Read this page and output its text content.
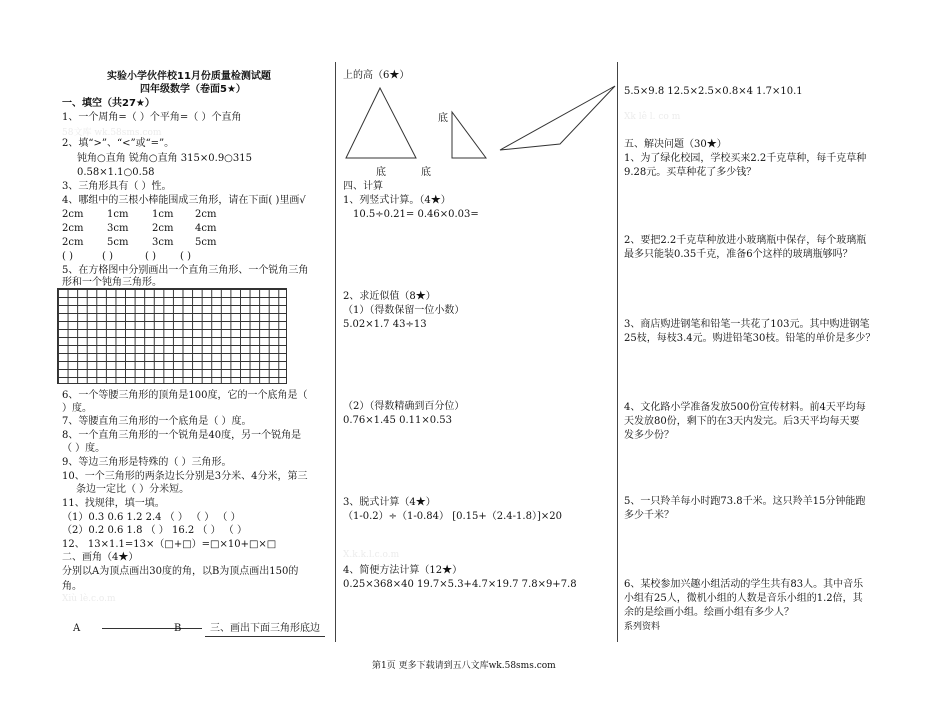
实验小学伙伴校11月份质量检测试题
四年级数学（卷面5★）
一、填空（共27★）
1、一个周角=（ ）个平角=（ ）个直角
58文库 wk.58sms.com
2、填“>”、“<”或“=”。
钝角○直角 锐角○直角 315×0.9○315
0.58×1.1○0.58
3、三角形具有（ ）性。
4、哪组中的三根小棒能围成三角形，请在下面( )里画√
2cm 1cm 1cm 2cm
2cm 3cm 2cm 4cm
2cm 5cm 3cm 5cm
( )	( )	( ) ( )
5、在方格图中分别画出一个直角三角形、一个锐角三角
形和一个钝角三角形。
6、一个等腰三角形的顶角是100度，它的一个底角是（
）度。
7、等腰直角三角形的一个底角是（ ）度。
8、一个直角三角形的一个锐角是40度，另一个锐角是
（ ）度。
9、等边三角形是特殊的（ ）三角形。
10、一个三角形的两条边长分别是3分米、4分米，第三
条边一定比（ ）分米短。
11、找规律，填一填。
（1）0.3 0.6 1.2 2.4 （ ） （ ） （ ）
（2）0.2 0.6 1.8 （ ） 16.2 （ ） （ ）
12、 13×1.1=13×（□+□）=□×10+□×□
二、画角（4★）
分别以A为顶点画出30度的角，以B为顶点画出150的
角。
Xiù lè.c.o.m
A	B	三、画出下面三角形底边
上的高（6★）
底
底	底
四、计算
1、列竖式计算。（4★）
10.5÷0.21= 0.46×0.03=
2、求近似值（8★）
（1）（得数保留一位小数）
5.02×1.7 43÷13
（2）（得数精确到百分位）
0.76×1.45 0.11×0.53
3、脱式计算（4★）
（1-0.2）÷（1-0.84） [0.15+（2.4-1.8）]×20
X.k.k.l.c.o.m
4、简便方法计算（12★）
0.25×368×40 19.7×5.3+4.7×19.7 7.8×9+7.8
5.5×9.8 12.5×2.5×0.8×4 1.7×10.1
Xk lê l. co m
五、解决问题（30★）
1、为了绿化校园，学校买来2.2千克草种，每千克草种
9.28元。买草种花了多少钱？
2、要把2.2千克草种放进小玻璃瓶中保存，每个玻璃瓶
最多只能装0.35千克，准备6个这样的玻璃瓶够吗？
3、商店购进钢笔和铅笔一共花了103元。其中购进钢笔
25枝，每枝3.4元。购进铅笔30枝。铅笔的单价是多少？
4、文化路小学准备发放500份宣传材料。前4天平均每
天发放80份，剩下的在3天内发完。后3天平均每天要
发多少份？
5、一只羚羊每小时跑73.8千米。这只羚羊15分钟能跑
多少千米？
6、某校参加兴趣小组活动的学生共有83人。其中音乐
小组有25人，微机小组的人数是音乐小组的1.2倍，其
余的是绘画小组。绘画小组有多少人？
系列资料
第1页 更多下载请到五八文库wk.58sms.com
